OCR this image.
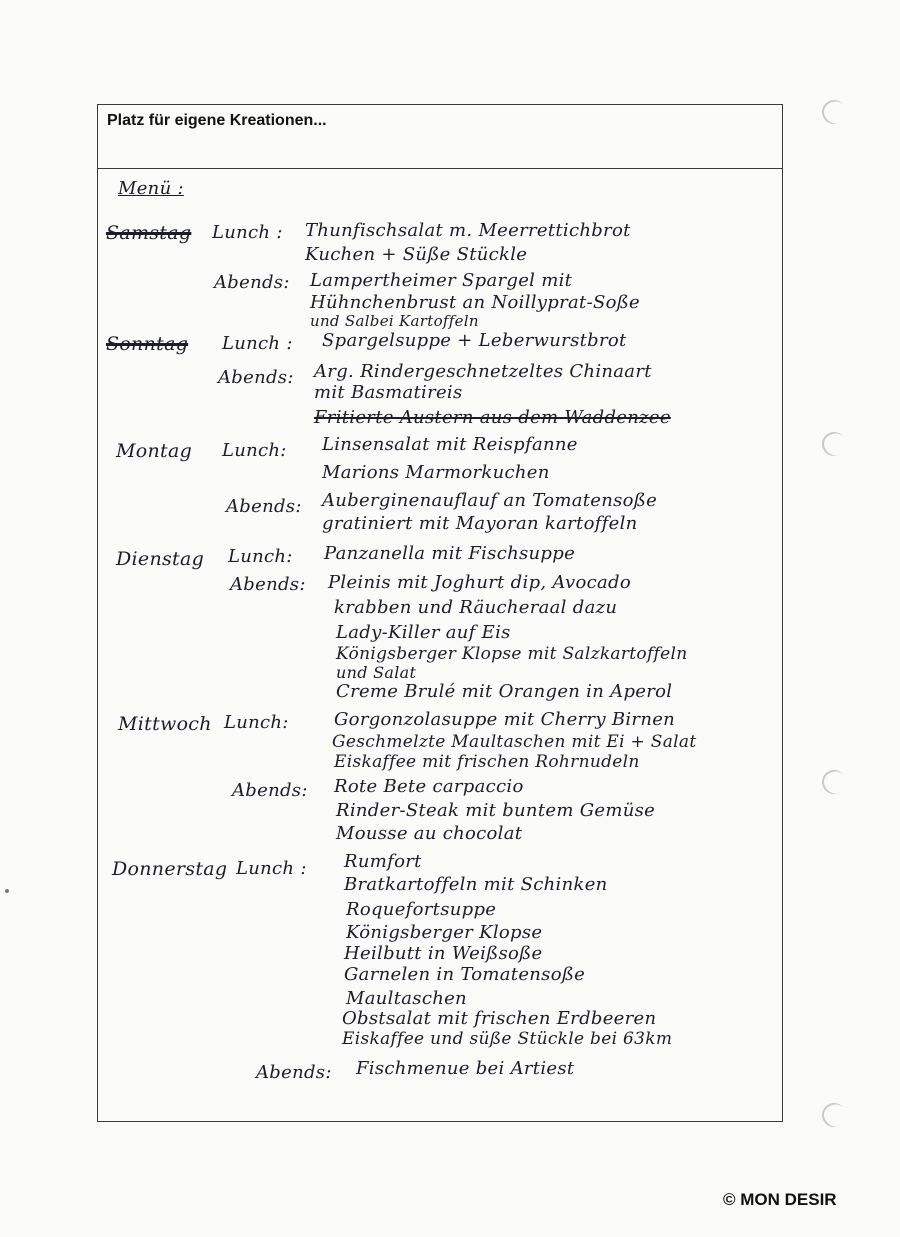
Platz für eigene Kreationen...
Menü :
Samstag Lunch : Thunfischsalat m. Meerrettichbrot
Kuchen + Süße Stückle
Abends: Lampertheimer Spargel mit
Hühnchenbrust an Noillyprat-Soße
und Salbei Kartoffeln
Sonntag Lunch : Spargelsuppe + Leberwurstbrot
Abends: Arg. Rindergeschnetzeltes Chinaart
mit Basmatireis
Fritierte Austern aus dem Waddenzee
Montag Lunch: Linsensalat mit Reispfanne
Marions Marmorkuchen
Abends: Auberginenauflauf an Tomatensoße
gratiniert mit Mayoran kartoffeln
Dienstag Lunch: Panzanella mit Fischsuppe
Abends: Pleinis mit Joghurt dip, Avocado
krabben und Räucheraal dazu
Lady-Killer auf Eis
Königsberger Klopse mit Salzkartoffeln
und Salat
Creme Brulé mit Orangen in Aperol
Mittwoch Lunch:	Gorgonzolasuppe mit Cherry Birnen
Geschmelzte Maultaschen mit Ei + Salat
Eiskaffee mit frischen Rohrnudeln
Abends: Rote Bete carpaccio
Rinder-Steak mit buntem Gemüse
Mousse au chocolat
Donnerstag Lunch : Rumfort
Bratkartoffeln mit Schinken
Roquefortsuppe
Königsberger Klopse
Heilbutt in Weißsoße
Garnelen in Tomatensoße
Maultaschen
Obstsalat mit frischen Erdbeeren
Eiskaffee und süße Stückle bei 63km
Abends: Fischmenue bei Artiest
© MON DESIR
